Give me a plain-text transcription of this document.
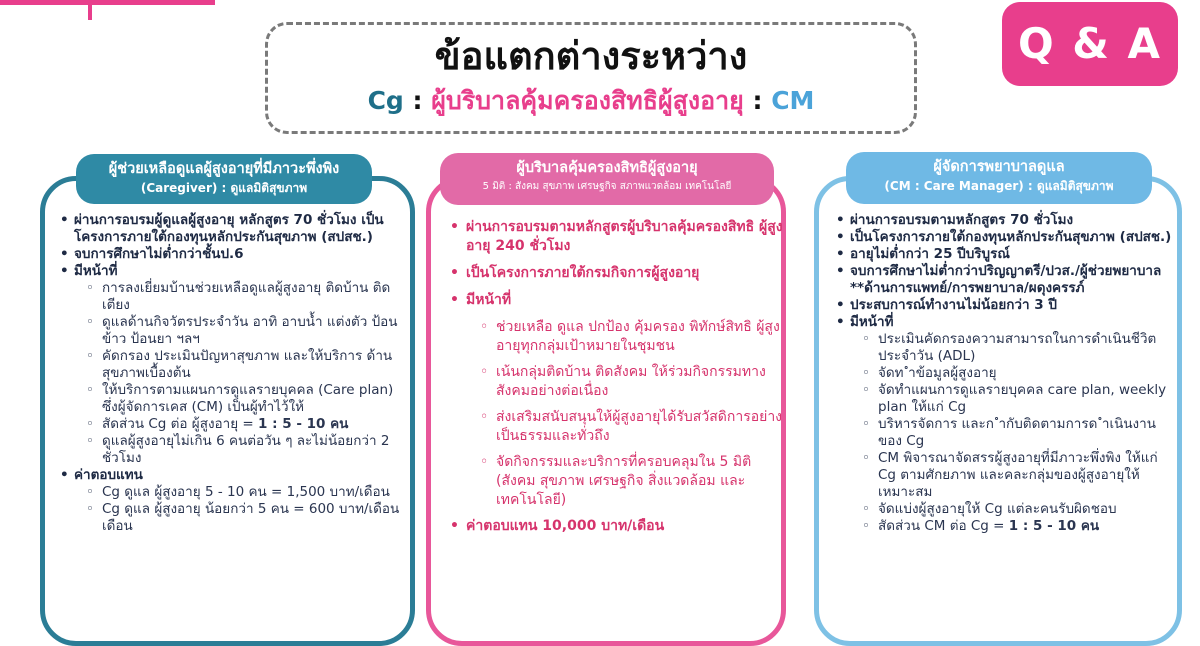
ข้อแตกต่างระหว่าง
Cg : ผู้บริบาลคุ้มครองสิทธิผู้สูงอายุ : CM
Q & A
ผู้ช่วยเหลือดูแลผู้สูงอายุที่มีภาวะพึ่งพิง
(Caregiver) : ดูแลมิติสุขภาพ
• ผ่านการอบรมผู้ดูแลผู้สูงอายุ หลักสูตร 70 ชั่วโมง เป็นโครงการภายใต้กองทุนหลักประกันสุขภาพ (สปสช.)
• จบการศึกษาไม่ต่ำกว่าชั้นป.6
• มีหน้าที่
◦ การลงเยี่ยมบ้านช่วยเหลือดูแลผู้สูงอายุ ติดบ้าน ติดเตียง
◦ ดูแลด้านกิจวัตรประจำวัน อาทิ อาบน้ำ แต่งตัว ป้อนข้าว ป้อนยา ฯลฯ
◦ คัดกรอง ประเมินปัญหาสุขภาพ และให้บริการ ด้านสุขภาพเบื้องต้น
◦ ให้บริการตามแผนการดูแลรายบุคคล (Care plan) ซึ่งผู้จัดการเคส (CM) เป็นผู้ทำไว้ให้
◦ สัดส่วน Cg ต่อ ผู้สูงอายุ = 1 : 5 - 10 คน
◦ ดูแลผู้สูงอายุไม่เกิน 6 คนต่อวัน ๆ ละไม่น้อยกว่า 2 ชั่วโมง
• ค่าตอบแทน
◦ Cg ดูแล ผู้สูงอายุ 5 - 10 คน = 1,500 บาท/เดือน
◦ Cg ดูแล ผู้สูงอายุ น้อยกว่า 5 คน = 600 บาท/เดือน เดือน
ผู้บริบาลคุ้มครองสิทธิผู้สูงอายุ
5 มิติ : สังคม สุขภาพ เศรษฐกิจ สภาพแวดล้อม เทคโนโลยี
• ผ่านการอบรมตามหลักสูตรผู้บริบาลคุ้มครองสิทธิ ผู้สูงอายุ 240 ชั่วโมง
• เป็นโครงการภายใต้กรมกิจการผู้สูงอายุ
• มีหน้าที่
◦ ช่วยเหลือ ดูแล ปกป้อง คุ้มครอง พิทักษ์สิทธิ ผู้สูงอายุทุกกลุ่มเป้าหมายในชุมชน
◦ เน้นกลุ่มติดบ้าน ติดสังคม ให้ร่วมกิจกรรมทางสังคมอย่างต่อเนื่อง
◦ ส่งเสริมสนับสนุนให้ผู้สูงอายุได้รับสวัสดิการอย่างเป็นธรรมและทั่วถึง
◦ จัดกิจกรรมและบริการที่ครอบคลุมใน 5 มิติ (สังคม สุขภาพ เศรษฐกิจ สิ่งแวดล้อม และเทคโนโลยี)
• ค่าตอบแทน 10,000 บาท/เดือน
ผู้จัดการพยาบาลดูแล
(CM : Care Manager) : ดูแลมิติสุขภาพ
• ผ่านการอบรมตามหลักสูตร 70 ชั่วโมง
• เป็นโครงการภายใต้กองทุนหลักประกันสุขภาพ (สปสช.)
• อายุไม่ต่ำกว่า 25 ปีบริบูรณ์
• จบการศึกษาไม่ต่ำกว่าปริญญาตรี/ปวส./ผู้ช่วยพยาบาล **ด้านการแพทย์/การพยาบาล/ผดุงครรภ์
• ประสบการณ์ทำงานไม่น้อยกว่า 3 ปี
• มีหน้าที่
◦ ประเมินคัดกรองความสามารถในการดำเนินชีวิตประจำวัน (ADL)
◦ จัดท ำข้อมูลผู้สูงอายุ
◦ จัดทำแผนการดูแลรายบุคคล care plan, weekly plan ให้แก่ Cg
◦ บริหารจัดการ และก ำกับติดตามการด ำเนินงานของ Cg
◦ CM พิจารณาจัดสรรผู้สูงอายุที่มีภาวะพึ่งพิง ให้แก่ Cg ตามศักยภาพ และคละกลุ่มของผู้สูงอายุให้เหมาะสม
◦ จัดแบ่งผู้สูงอายุให้ Cg แต่ละคนรับผิดชอบ
◦ สัดส่วน CM ต่อ Cg = 1 : 5 - 10 คน
